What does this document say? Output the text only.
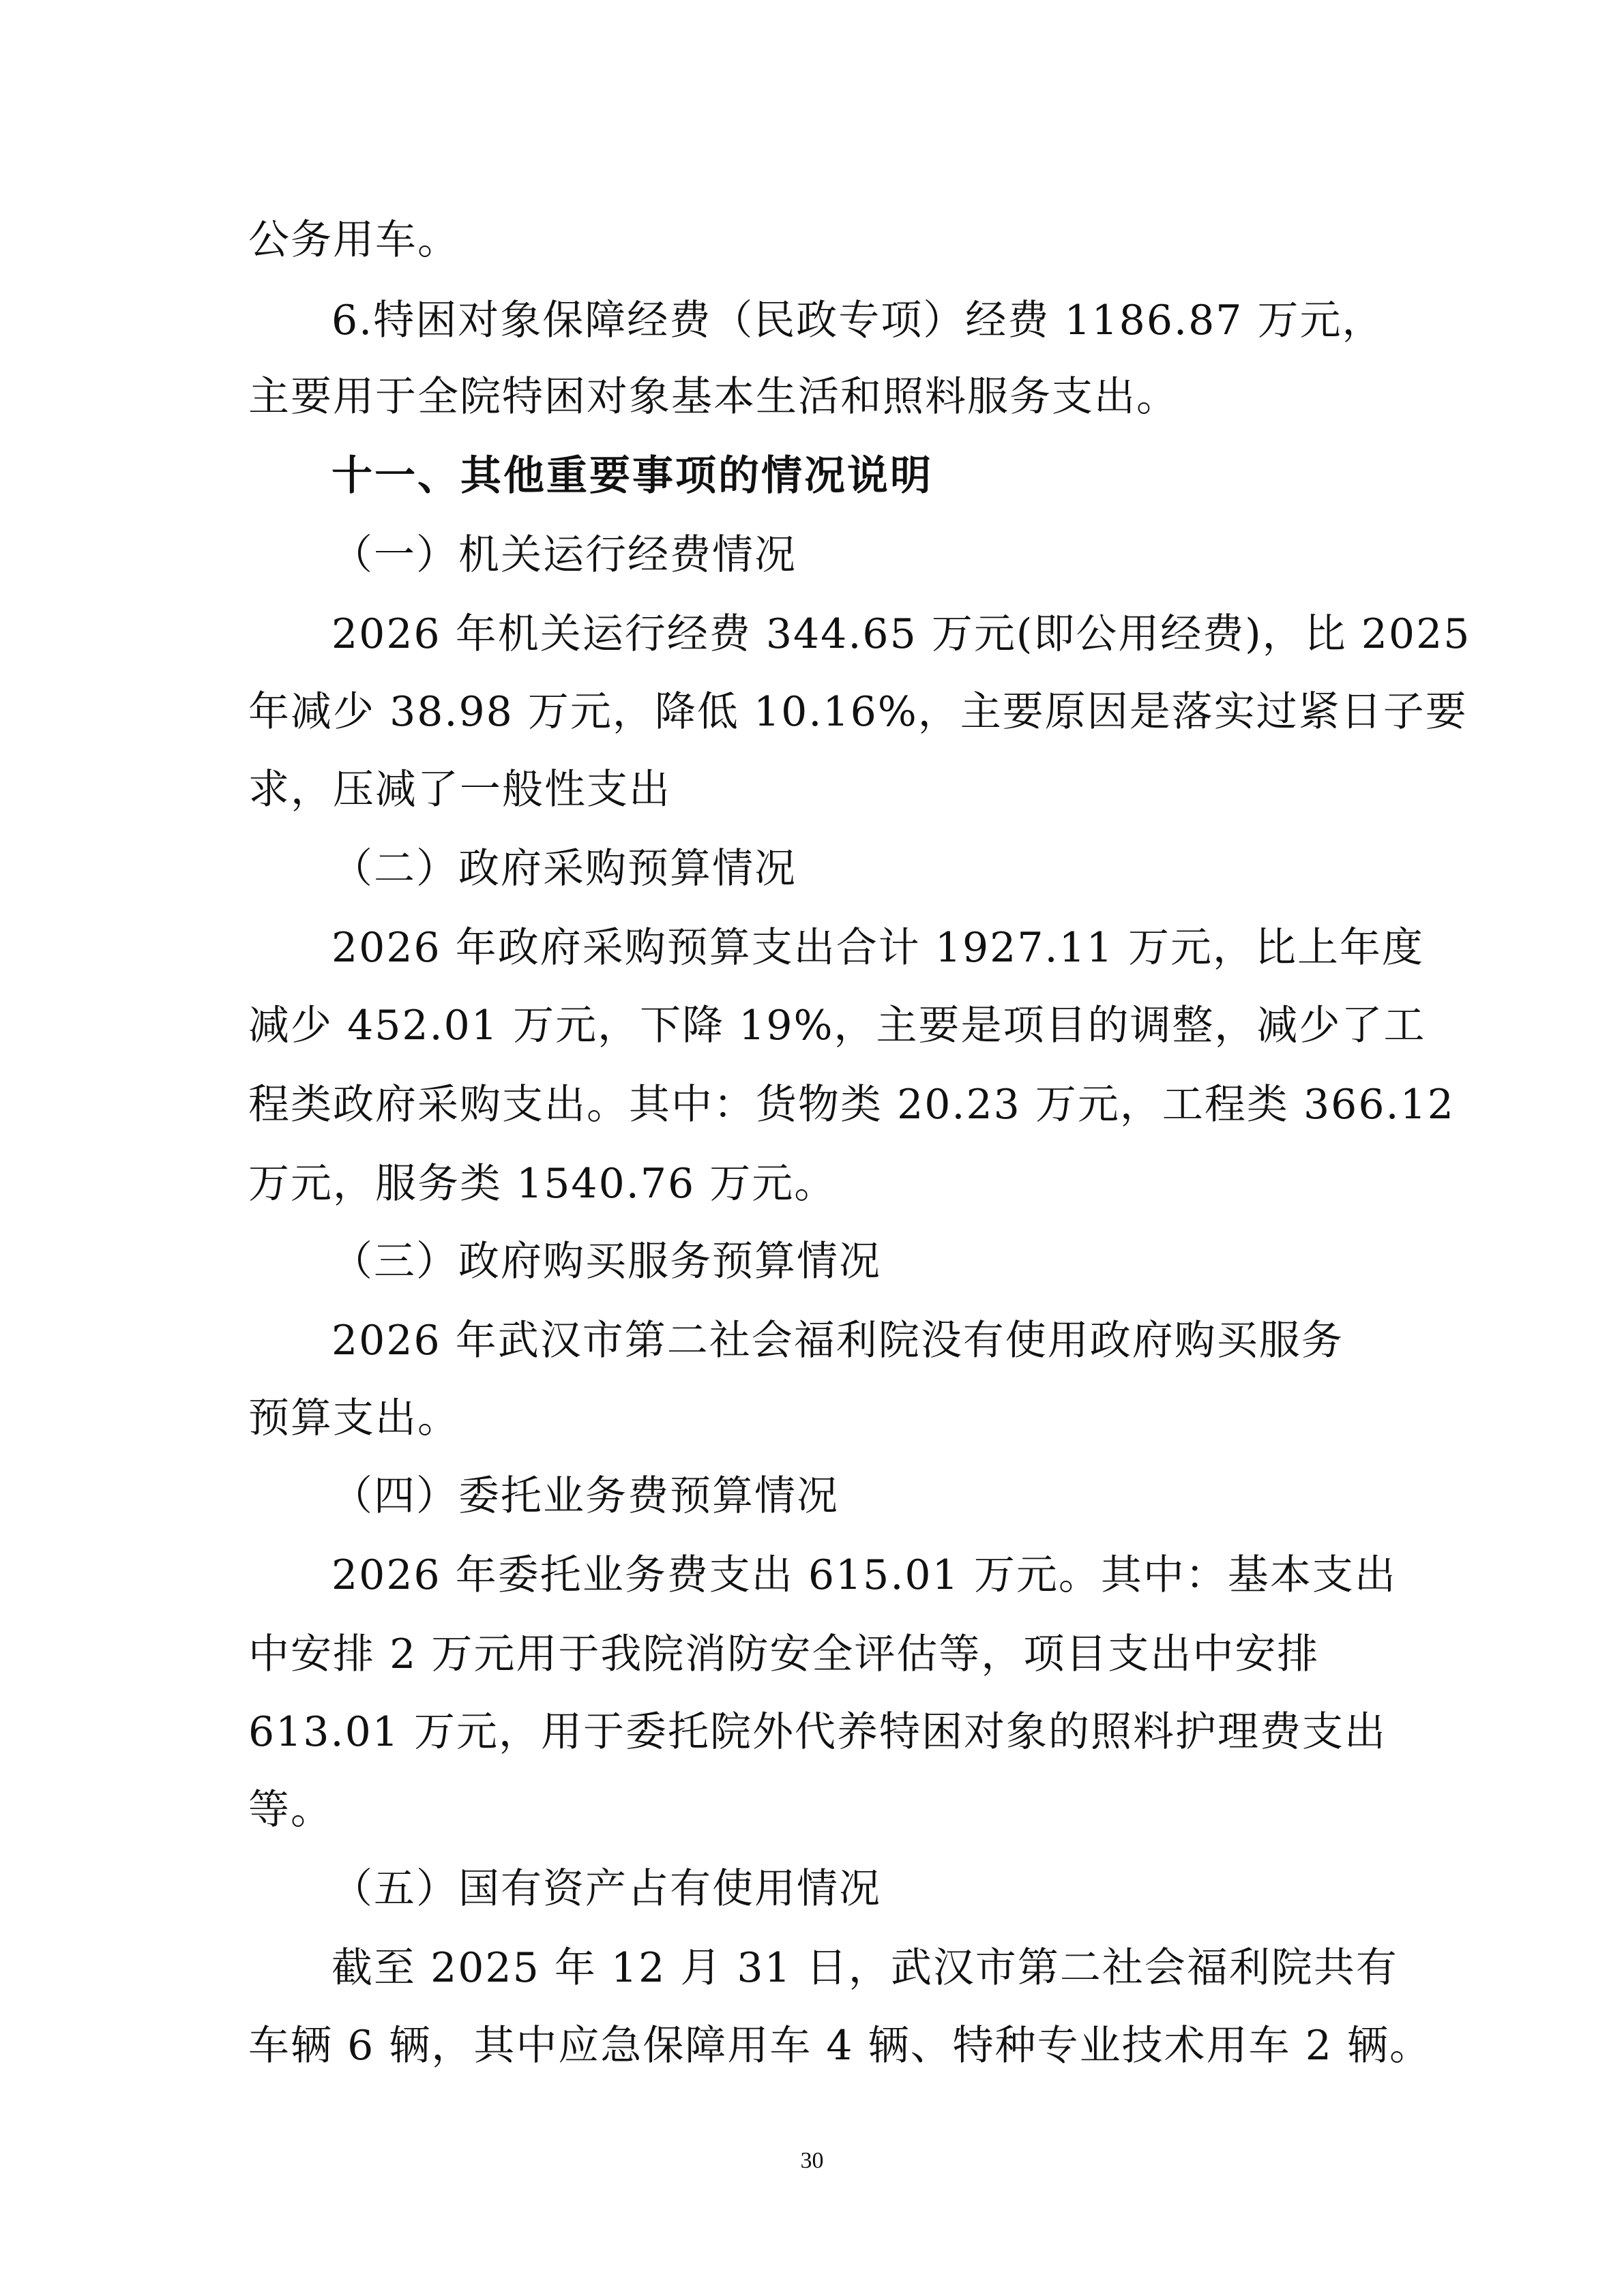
公务用车。
6.特困对象保障经费（民政专项）经费 1186.87 万元，
主要用于全院特困对象基本生活和照料服务支出。
十一、其他重要事项的情况说明
（一）机关运行经费情况
2026 年机关运行经费 344.65 万元(即公用经费)，比 2025
年减少 38.98 万元，降低 10.16%，主要原因是落实过紧日子要
求，压减了一般性支出
（二）政府采购预算情况
2026 年政府采购预算支出合计 1927.11 万元，比上年度
减少 452.01 万元，下降 19%，主要是项目的调整，减少了工
程类政府采购支出。其中：货物类 20.23 万元，工程类 366.12
万元，服务类 1540.76 万元。
（三）政府购买服务预算情况
2026 年武汉市第二社会福利院没有使用政府购买服务
预算支出。
（四）委托业务费预算情况
2026 年委托业务费支出 615.01 万元。其中：基本支出
中安排 2 万元用于我院消防安全评估等，项目支出中安排
613.01 万元，用于委托院外代养特困对象的照料护理费支出
等。
（五）国有资产占有使用情况
截至 2025 年 12 月 31 日，武汉市第二社会福利院共有
车辆 6 辆，其中应急保障用车 4 辆、特种专业技术用车 2 辆。
30
